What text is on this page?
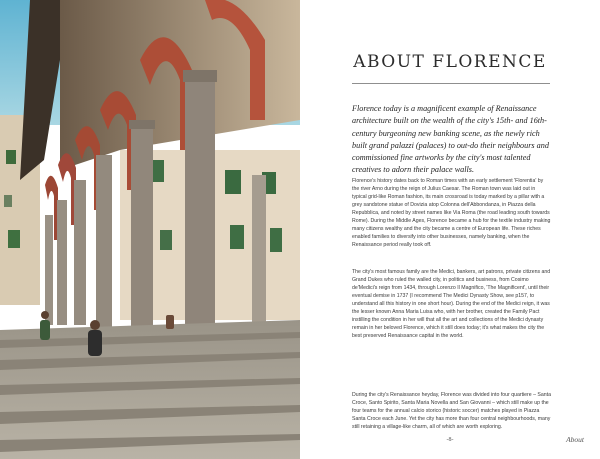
ABOUT FLORENCE

Florence today is a magnificent example of Renaissance architecture built on the wealth of the city's 15th- and 16th-century burgeoning new banking scene, as the newly rich built grand palazzi (palaces) to out-do their neighbours and commissioned fine artworks by the city's most talented creatives to adorn their palace walls.

Florence's history dates back to Roman times with an early settlement 'Florentia' by the river Arno during the reign of Julius Caesar. The Roman town was laid out in typical grid-like Roman fashion, its main crossroad is today marked by a pillar with a grey sandstone statue of Dovizia atop Colonna dell'Abbondanza, in Piazza della Repubblica, and noted by street names like Via Roma (the road leading south towards Rome). During the Middle Ages, Florence became a hub for the textile industry making many citizens wealthy and the city became a centre of European life. These riches enabled families to diversify into other businesses, namely banking, when the Renaissance period really took off.

The city's most famous family are the Medici, bankers, art patrons, private citizens and Grand Dukes who ruled the walled city, in politics and business, from Cosimo de'Medici's reign from 1434, through Lorenzo Il Magnifico, 'The Magnificent', until their eventual demise in 1737 (I recommend The Medici Dynasty Show, see p157, to understand all this history in one short hour). During the end of the Medici reign, it was the lesser known Anna Maria Luisa who, with her brother, created the Family Pact instilling the condition in her will that all the art and collections of the Medici dynasty remain in her beloved Florence, which it still does today; it's what makes the city the best preserved Renaissance capital in the world.

During the city's Renaissance heyday, Florence was divided into four quartiere – Santa Croce, Santo Spirito, Santa Maria Novella and San Giovanni – which still make up the four teams for the annual calcio storico (historic soccer) matches played in Piazza Santa Croce each June. Yet the city has more than four central neighbourhoods, many still retaining a village-like charm, all of which are worth exploring.

-8-	About
